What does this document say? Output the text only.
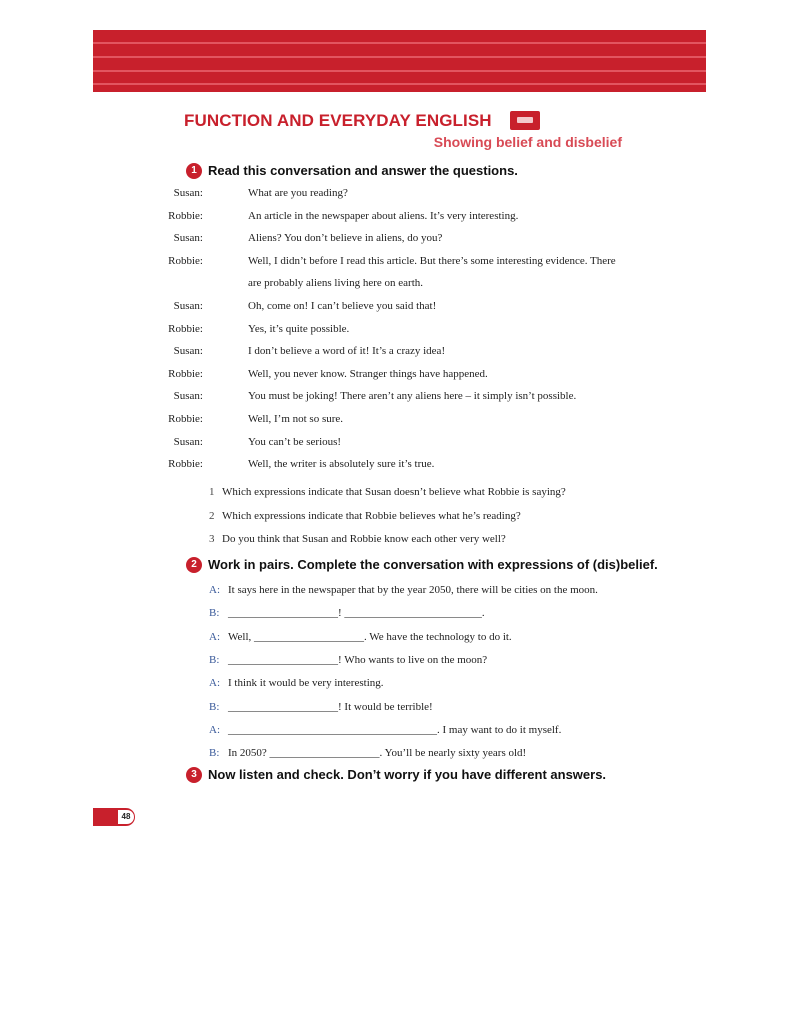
FUNCTION AND EVERYDAY ENGLISH
Showing belief and disbelief
1 Read this conversation and answer the questions.
Susan:	What are you reading?
Robbie:	An article in the newspaper about aliens. It’s very interesting.
Susan:	Aliens? You don’t believe in aliens, do you?
Robbie:	Well, I didn’t before I read this article. But there’s some interesting evidence. There
are probably aliens living here on earth.
Susan:	Oh, come on! I can’t believe you said that!
Robbie:	Yes, it’s quite possible.
Susan:	I don’t believe a word of it! It’s a crazy idea!
Robbie:	Well, you never know. Stranger things have happened.
Susan:	You must be joking! There aren’t any aliens here – it simply isn’t possible.
Robbie:	Well, I’m not so sure.
Susan:	You can’t be serious!
Robbie:	Well, the writer is absolutely sure it’s true.
1 Which expressions indicate that Susan doesn’t believe what Robbie is saying?
2 Which expressions indicate that Robbie believes what he’s reading?
3 Do you think that Susan and Robbie know each other very well?
2 Work in pairs. Complete the conversation with expressions of (dis)belief.
A: It says here in the newspaper that by the year 2050, there will be cities on the moon.
B: ____________________! _________________________.
A: Well, ____________________. We have the technology to do it.
B: ____________________! Who wants to live on the moon?
A: I think it would be very interesting.
B: ____________________! It would be terrible!
A: ______________________________________. I may want to do it myself.
B: In 2050? ____________________. You’ll be nearly sixty years old!
3 Now listen and check. Don’t worry if you have different answers.
48
